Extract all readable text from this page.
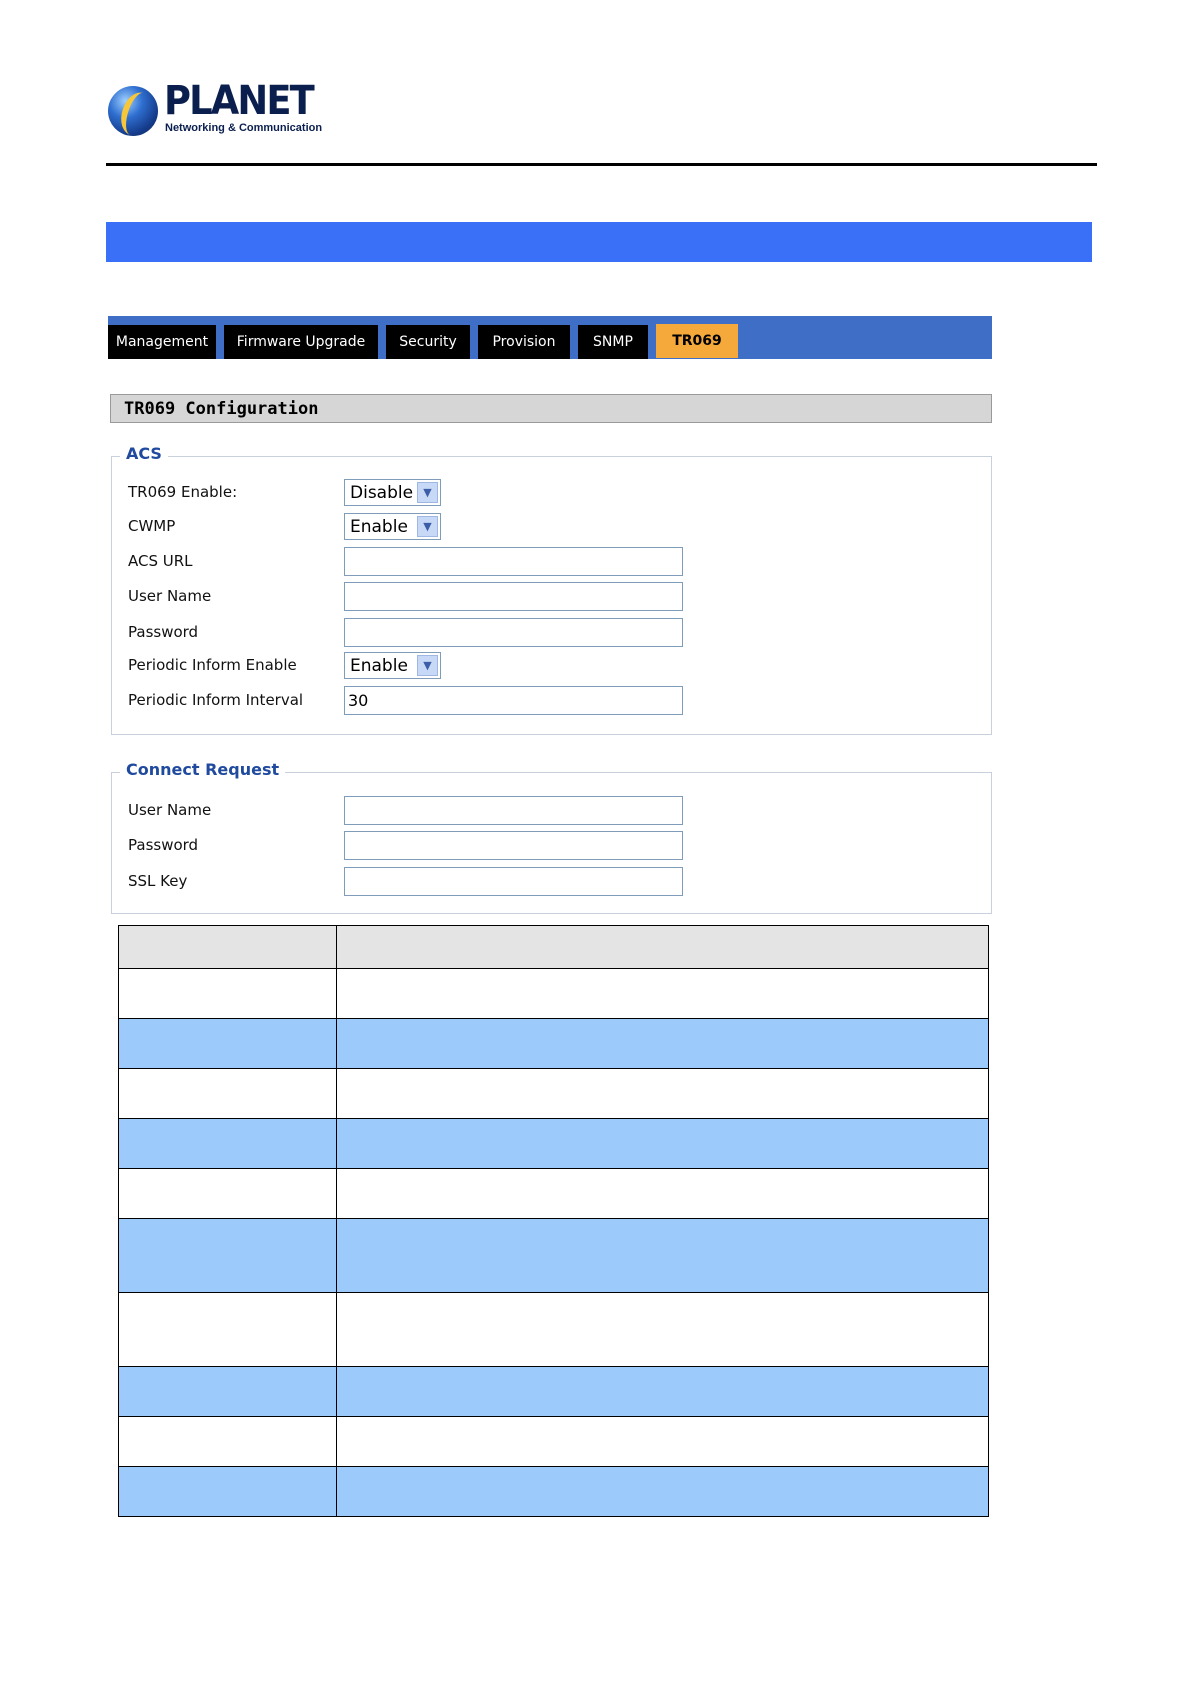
PLANET
Networking & Communication
Management	Firmware Upgrade	Security	Provision	SNMP	TR069
TR069 Configuration
ACS
TR069 Enable:	Disable ▼
CWMP	Enable	▼
ACS URL
User Name
Password
Periodic Inform Enable	Enable	▼
Periodic Inform Interval	30
Connect Request
User Name
Password
SSL Key
